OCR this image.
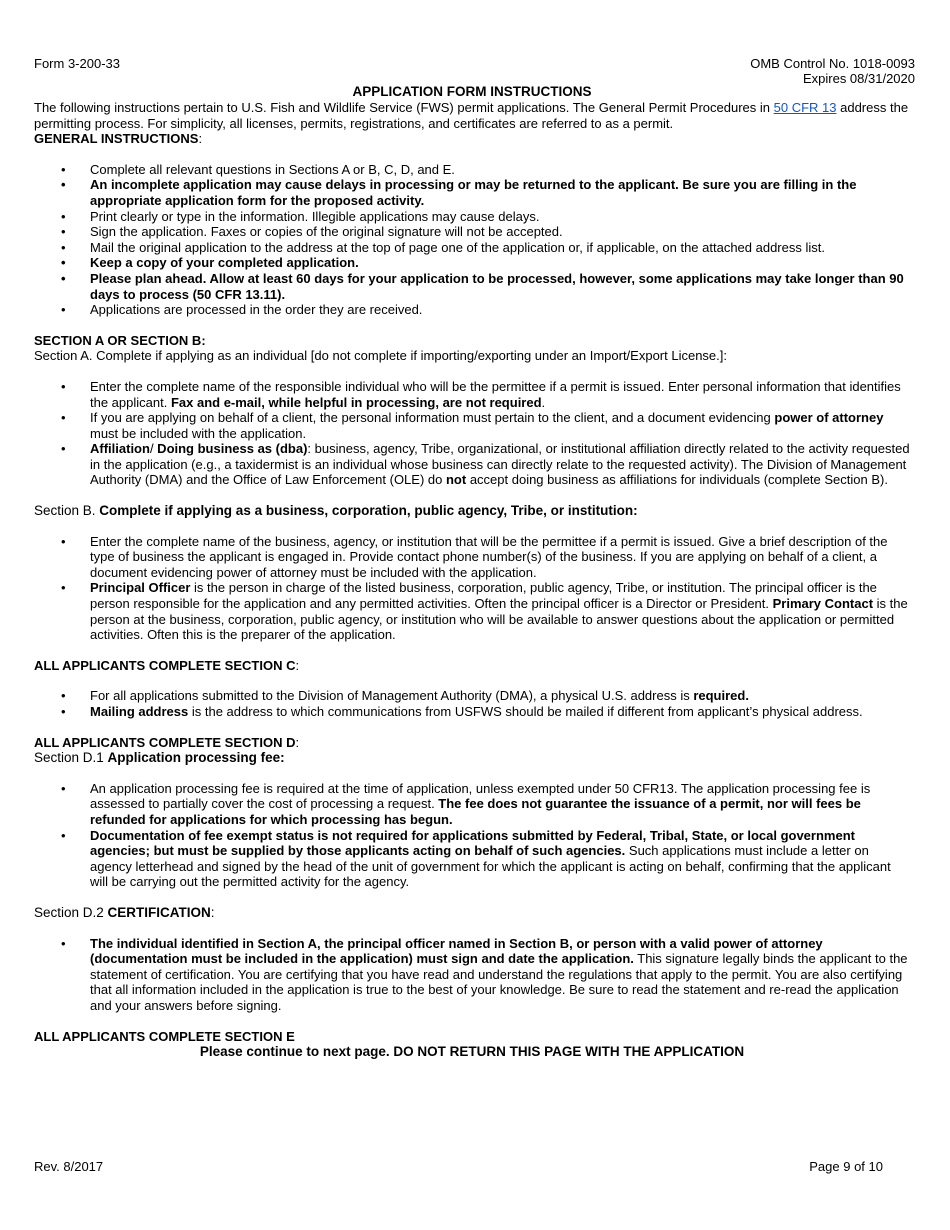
Form 3-200-33	OMB Control No. 1018-0093
Expires 08/31/2020
APPLICATION FORM INSTRUCTIONS

The following instructions pertain to U.S. Fish and Wildlife Service (FWS) permit applications. The General Permit Procedures in 50 CFR 13 address the permitting process. For simplicity, all licenses, permits, registrations, and certificates are referred to as a permit.

GENERAL INSTRUCTIONS:

• Complete all relevant questions in Sections A or B, C, D, and E.
• An incomplete application may cause delays in processing or may be returned to the applicant. Be sure you are filling in the appropriate application form for the proposed activity.
• Print clearly or type in the information. Illegible applications may cause delays.
• Sign the application. Faxes or copies of the original signature will not be accepted.
• Mail the original application to the address at the top of page one of the application or, if applicable, on the attached address list.
• Keep a copy of your completed application.
• Please plan ahead. Allow at least 60 days for your application to be processed, however, some applications may take longer than 90 days to process (50 CFR 13.11).
• Applications are processed in the order they are received.

SECTION A OR SECTION B:

Section A. Complete if applying as an individual [do not complete if importing/exporting under an Import/Export License.]:

• Enter the complete name of the responsible individual who will be the permittee if a permit is issued. Enter personal information that identifies the applicant. Fax and e-mail, while helpful in processing, are not required.
• If you are applying on behalf of a client, the personal information must pertain to the client, and a document evidencing power of attorney must be included with the application.
• Affiliation/ Doing business as (dba): business, agency, Tribe, organizational, or institutional affiliation directly related to the activity requested in the application (e.g., a taxidermist is an individual whose business can directly relate to the requested activity). The Division of Management Authority (DMA) and the Office of Law Enforcement (OLE) do not accept doing business as affiliations for individuals (complete Section B).

Section B. Complete if applying as a business, corporation, public agency, Tribe, or institution:

• Enter the complete name of the business, agency, or institution that will be the permittee if a permit is issued. Give a brief description of the type of business the applicant is engaged in. Provide contact phone number(s) of the business. If you are applying on behalf of a client, a document evidencing power of attorney must be included with the application.
• Principal Officer is the person in charge of the listed business, corporation, public agency, Tribe, or institution. The principal officer is the person responsible for the application and any permitted activities. Often the principal officer is a Director or President. Primary Contact is the person at the business, corporation, public agency, or institution who will be available to answer questions about the application or permitted activities. Often this is the preparer of the application.

ALL APPLICANTS COMPLETE SECTION C:

• For all applications submitted to the Division of Management Authority (DMA), a physical U.S. address is required.
• Mailing address is the address to which communications from USFWS should be mailed if different from applicant’s physical address.

ALL APPLICANTS COMPLETE SECTION D:

Section D.1 Application processing fee:

• An application processing fee is required at the time of application, unless exempted under 50 CFR13. The application processing fee is assessed to partially cover the cost of processing a request. The fee does not guarantee the issuance of a permit, nor will fees be refunded for applications for which processing has begun.
• Documentation of fee exempt status is not required for applications submitted by Federal, Tribal, State, or local government agencies; but must be supplied by those applicants acting on behalf of such agencies. Such applications must include a letter on agency letterhead and signed by the head of the unit of government for which the applicant is acting on behalf, confirming that the applicant will be carrying out the permitted activity for the agency.

Section D.2 CERTIFICATION:

• The individual identified in Section A, the principal officer named in Section B, or person with a valid power of attorney (documentation must be included in the application) must sign and date the application. This signature legally binds the applicant to the statement of certification. You are certifying that you have read and understand the regulations that apply to the permit. You are also certifying that all information included in the application is true to the best of your knowledge. Be sure to read the statement and re-read the application and your answers before signing.

ALL APPLICANTS COMPLETE SECTION E

Please continue to next page. DO NOT RETURN THIS PAGE WITH THE APPLICATION

Rev. 8/2017	Page 9 of 10
